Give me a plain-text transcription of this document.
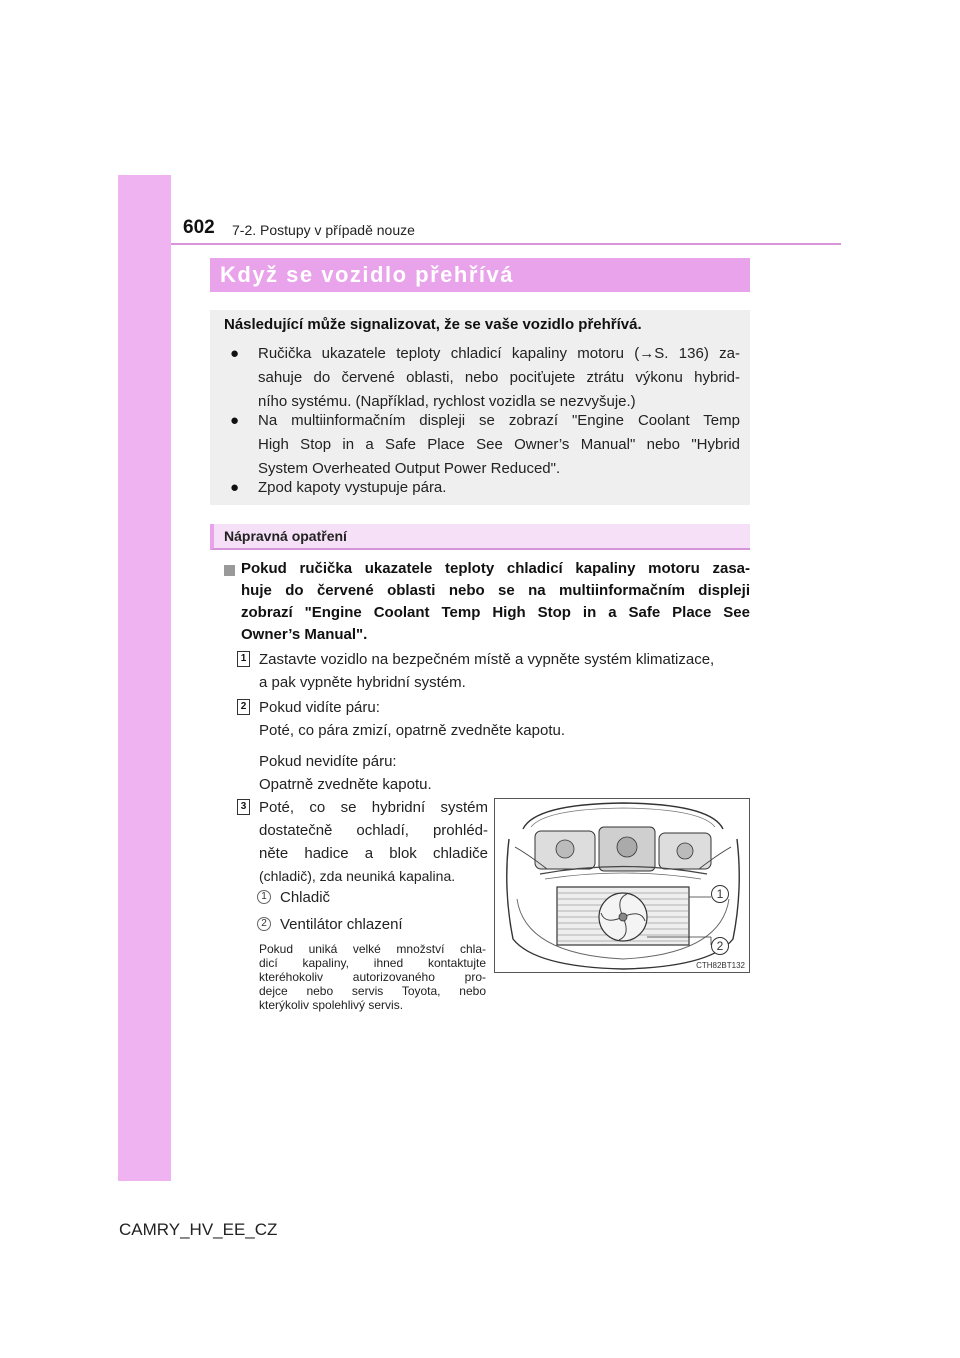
602 7-2. Postupy v případě nouze
Když se vozidlo přehřívá
Následující může signalizovat, že se vaše vozidlo přehřívá.
● Ručička ukazatele teploty chladicí kapaliny motoru (→S. 136) za-
sahuje do červené oblasti, nebo pociťujete ztrátu výkonu hybrid-
ního systému. (Například, rychlost vozidla se nezvyšuje.)
● Na multiinformačním displeji se zobrazí "Engine Coolant Temp
High Stop in a Safe Place See Owner’s Manual" nebo "Hybrid
System Overheated Output Power Reduced".
● Zpod kapoty vystupuje pára.
Nápravná opatření
Pokud ručička ukazatele teploty chladicí kapaliny motoru zasa-
huje do červené oblasti nebo se na multiinformačním displeji
zobrazí "Engine Coolant Temp High Stop in a Safe Place See
Owner’s Manual".
1 Zastavte vozidlo na bezpečném místě a vypněte systém klimatizace,
a pak vypněte hybridní systém.
2 Pokud vidíte páru:
Poté, co pára zmizí, opatrně zvedněte kapotu.
Pokud nevidíte páru:
Opatrně zvedněte kapotu.
3 Poté, co se hybridní systém
dostatečně ochladí, prohléd-
něte hadice a blok chladiče
(chladič), zda neuniká kapalina.
1 Chladič
2 Ventilátor chlazení
Pokud uniká velké množství chla-
dicí kapaliny, ihned kontaktujte
kteréhokoliv autorizovaného pro-
dejce nebo servis Toyota, nebo
kterýkoliv spolehlivý servis.
1
2
CTH82BT132
CAMRY_HV_EE_CZ
